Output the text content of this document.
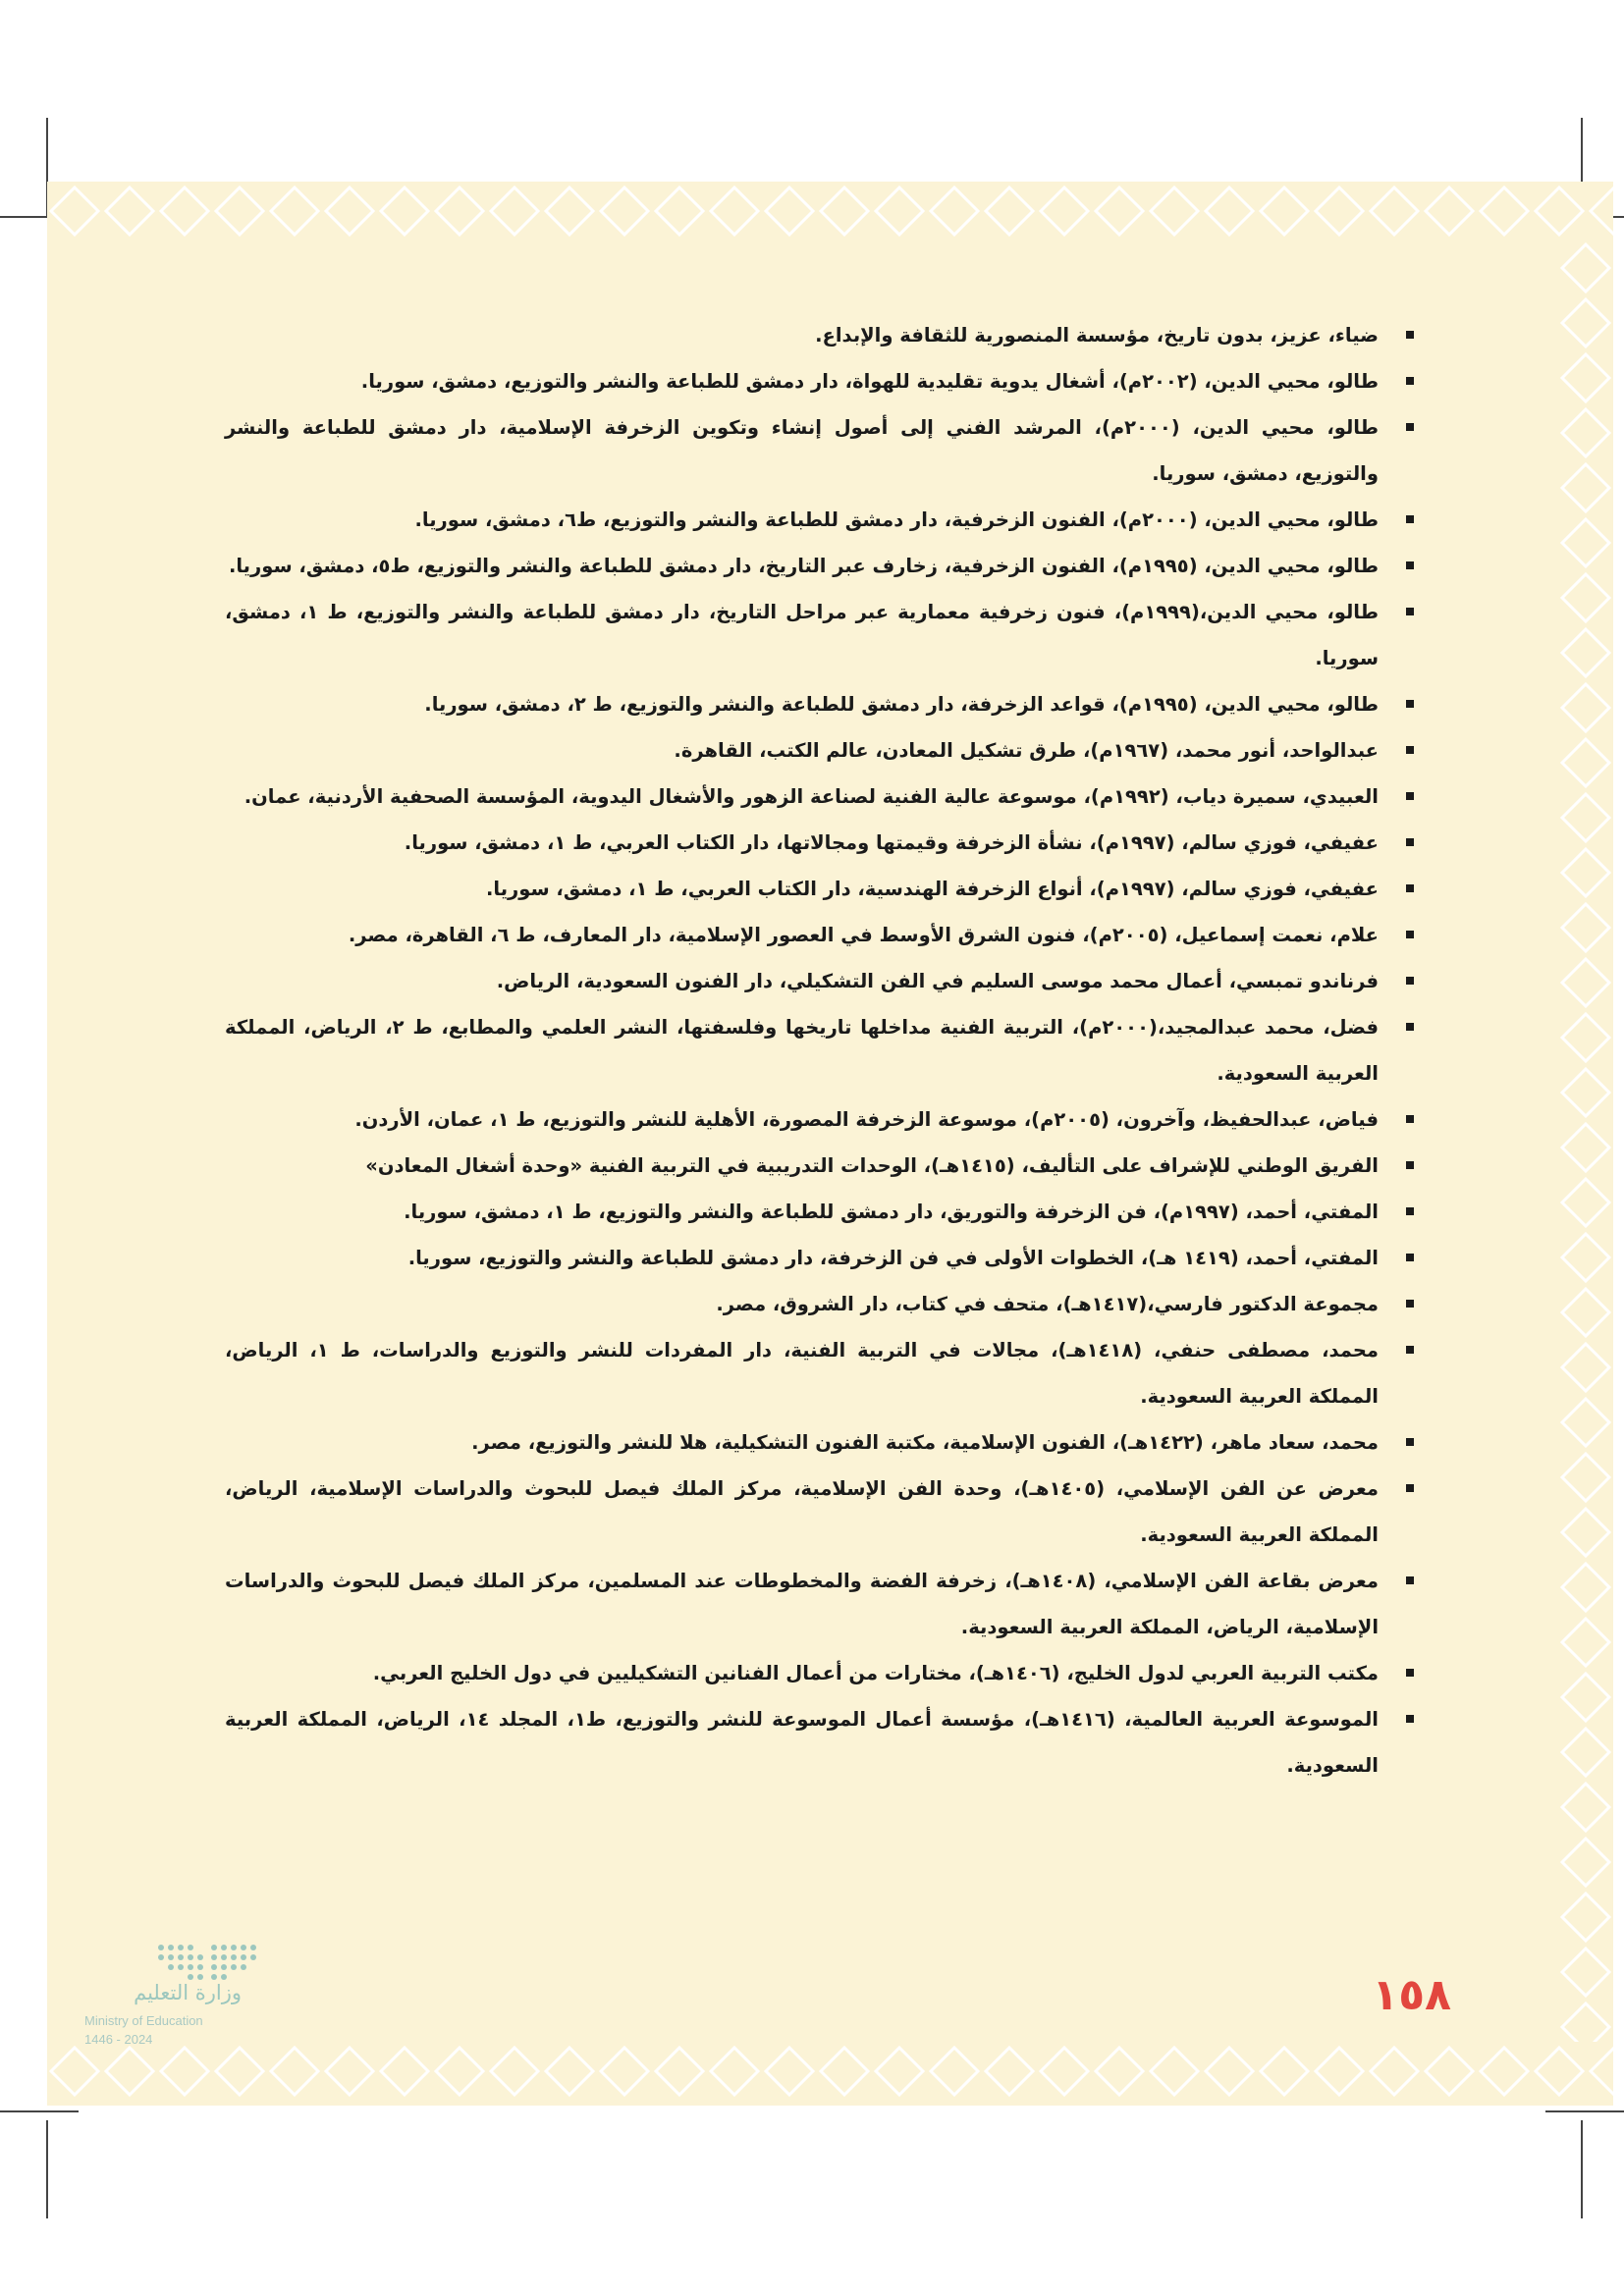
ضياء، عزيز، بدون تاريخ، مؤسسة المنصورية للثقافة والإبداع.
طالو، محيي الدين، (٢٠٠٢م)، أشغال يدوية تقليدية للهواة، دار دمشق للطباعة والنشر والتوزيع، دمشق، سوريا.
طالو، محيي الدين، (٢٠٠٠م)، المرشد الفني إلى أصول إنشاء وتكوين الزخرفة الإسلامية، دار دمشق للطباعة والنشر والتوزيع، دمشق، سوريا.
طالو، محيي الدين، (٢٠٠٠م)، الفنون الزخرفية، دار دمشق للطباعة والنشر والتوزيع، ط٦، دمشق، سوريا.
طالو، محيي الدين، (١٩٩٥م)، الفنون الزخرفية، زخارف عبر التاريخ، دار دمشق للطباعة والنشر والتوزيع، ط٥، دمشق، سوريا.
طالو، محيي الدين،(١٩٩٩م)، فنون زخرفية معمارية عبر مراحل التاريخ، دار دمشق للطباعة والنشر والتوزيع، ط ١، دمشق، سوريا.
طالو، محيي الدين، (١٩٩٥م)، قواعد الزخرفة، دار دمشق للطباعة والنشر والتوزيع، ط ٢، دمشق، سوريا.
عبدالواحد، أنور محمد، (١٩٦٧م)، طرق تشكيل المعادن، عالم الكتب، القاهرة.
العبيدي، سميرة دياب، (١٩٩٢م)، موسوعة عالية الفنية لصناعة الزهور والأشغال اليدوية، المؤسسة الصحفية الأردنية، عمان.
عفيفي، فوزي سالم، (١٩٩٧م)، نشأة الزخرفة وقيمتها ومجالاتها، دار الكتاب العربي، ط ١، دمشق، سوريا.
عفيفي، فوزي سالم، (١٩٩٧م)، أنواع الزخرفة الهندسية، دار الكتاب العربي، ط ١، دمشق، سوريا.
علام، نعمت إسماعيل، (٢٠٠٥م)، فنون الشرق الأوسط في العصور الإسلامية، دار المعارف، ط ٦، القاهرة، مصر.
فرناندو تمبسي، أعمال محمد موسى السليم في الفن التشكيلي، دار الفنون السعودية، الرياض.
فضل، محمد عبدالمجيد،(٢٠٠٠م)، التربية الفنية مداخلها تاريخها وفلسفتها، النشر العلمي والمطابع، ط ٢، الرياض، المملكة العربية السعودية.
فياض، عبدالحفيظ، وآخرون، (٢٠٠٥م)، موسوعة الزخرفة المصورة، الأهلية للنشر والتوزيع، ط ١، عمان، الأردن.
الفريق الوطني للإشراف على التأليف، (١٤١٥هـ)، الوحدات التدريبية في التربية الفنية «وحدة أشغال المعادن»
المفتي، أحمد، (١٩٩٧م)، فن الزخرفة والتوريق، دار دمشق للطباعة والنشر والتوزيع، ط ١، دمشق، سوريا.
المفتي، أحمد، (١٤١٩ هـ)، الخطوات الأولى في فن الزخرفة، دار دمشق للطباعة والنشر والتوزيع، سوريا.
مجموعة الدكتور فارسي،(١٤١٧هـ)، متحف في كتاب، دار الشروق، مصر.
محمد، مصطفى حنفي، (١٤١٨هـ)، مجالات في التربية الفنية، دار المفردات للنشر والتوزيع والدراسات، ط ١، الرياض، المملكة العربية السعودية.
محمد، سعاد ماهر، (١٤٢٢هـ)، الفنون الإسلامية، مكتبة الفنون التشكيلية، هلا للنشر والتوزيع، مصر.
معرض عن الفن الإسلامي، (١٤٠٥هـ)، وحدة الفن الإسلامية، مركز الملك فيصل للبحوث والدراسات الإسلامية، الرياض، المملكة العربية السعودية.
معرض بقاعة الفن الإسلامي، (١٤٠٨هـ)، زخرفة الفضة والمخطوطات عند المسلمين، مركز الملك فيصل للبحوث والدراسات الإسلامية، الرياض، المملكة العربية السعودية.
مكتب التربية العربي لدول الخليج، (١٤٠٦هـ)، مختارات من أعمال الفنانين التشكيليين في دول الخليج العربي.
الموسوعة العربية العالمية، (١٤١٦هـ)، مؤسسة أعمال الموسوعة للنشر والتوزيع، ط١، المجلد ١٤، الرياض، المملكة العربية السعودية.
١٥٨
وزارة التعليم
Ministry of Education
2024 - 1446
